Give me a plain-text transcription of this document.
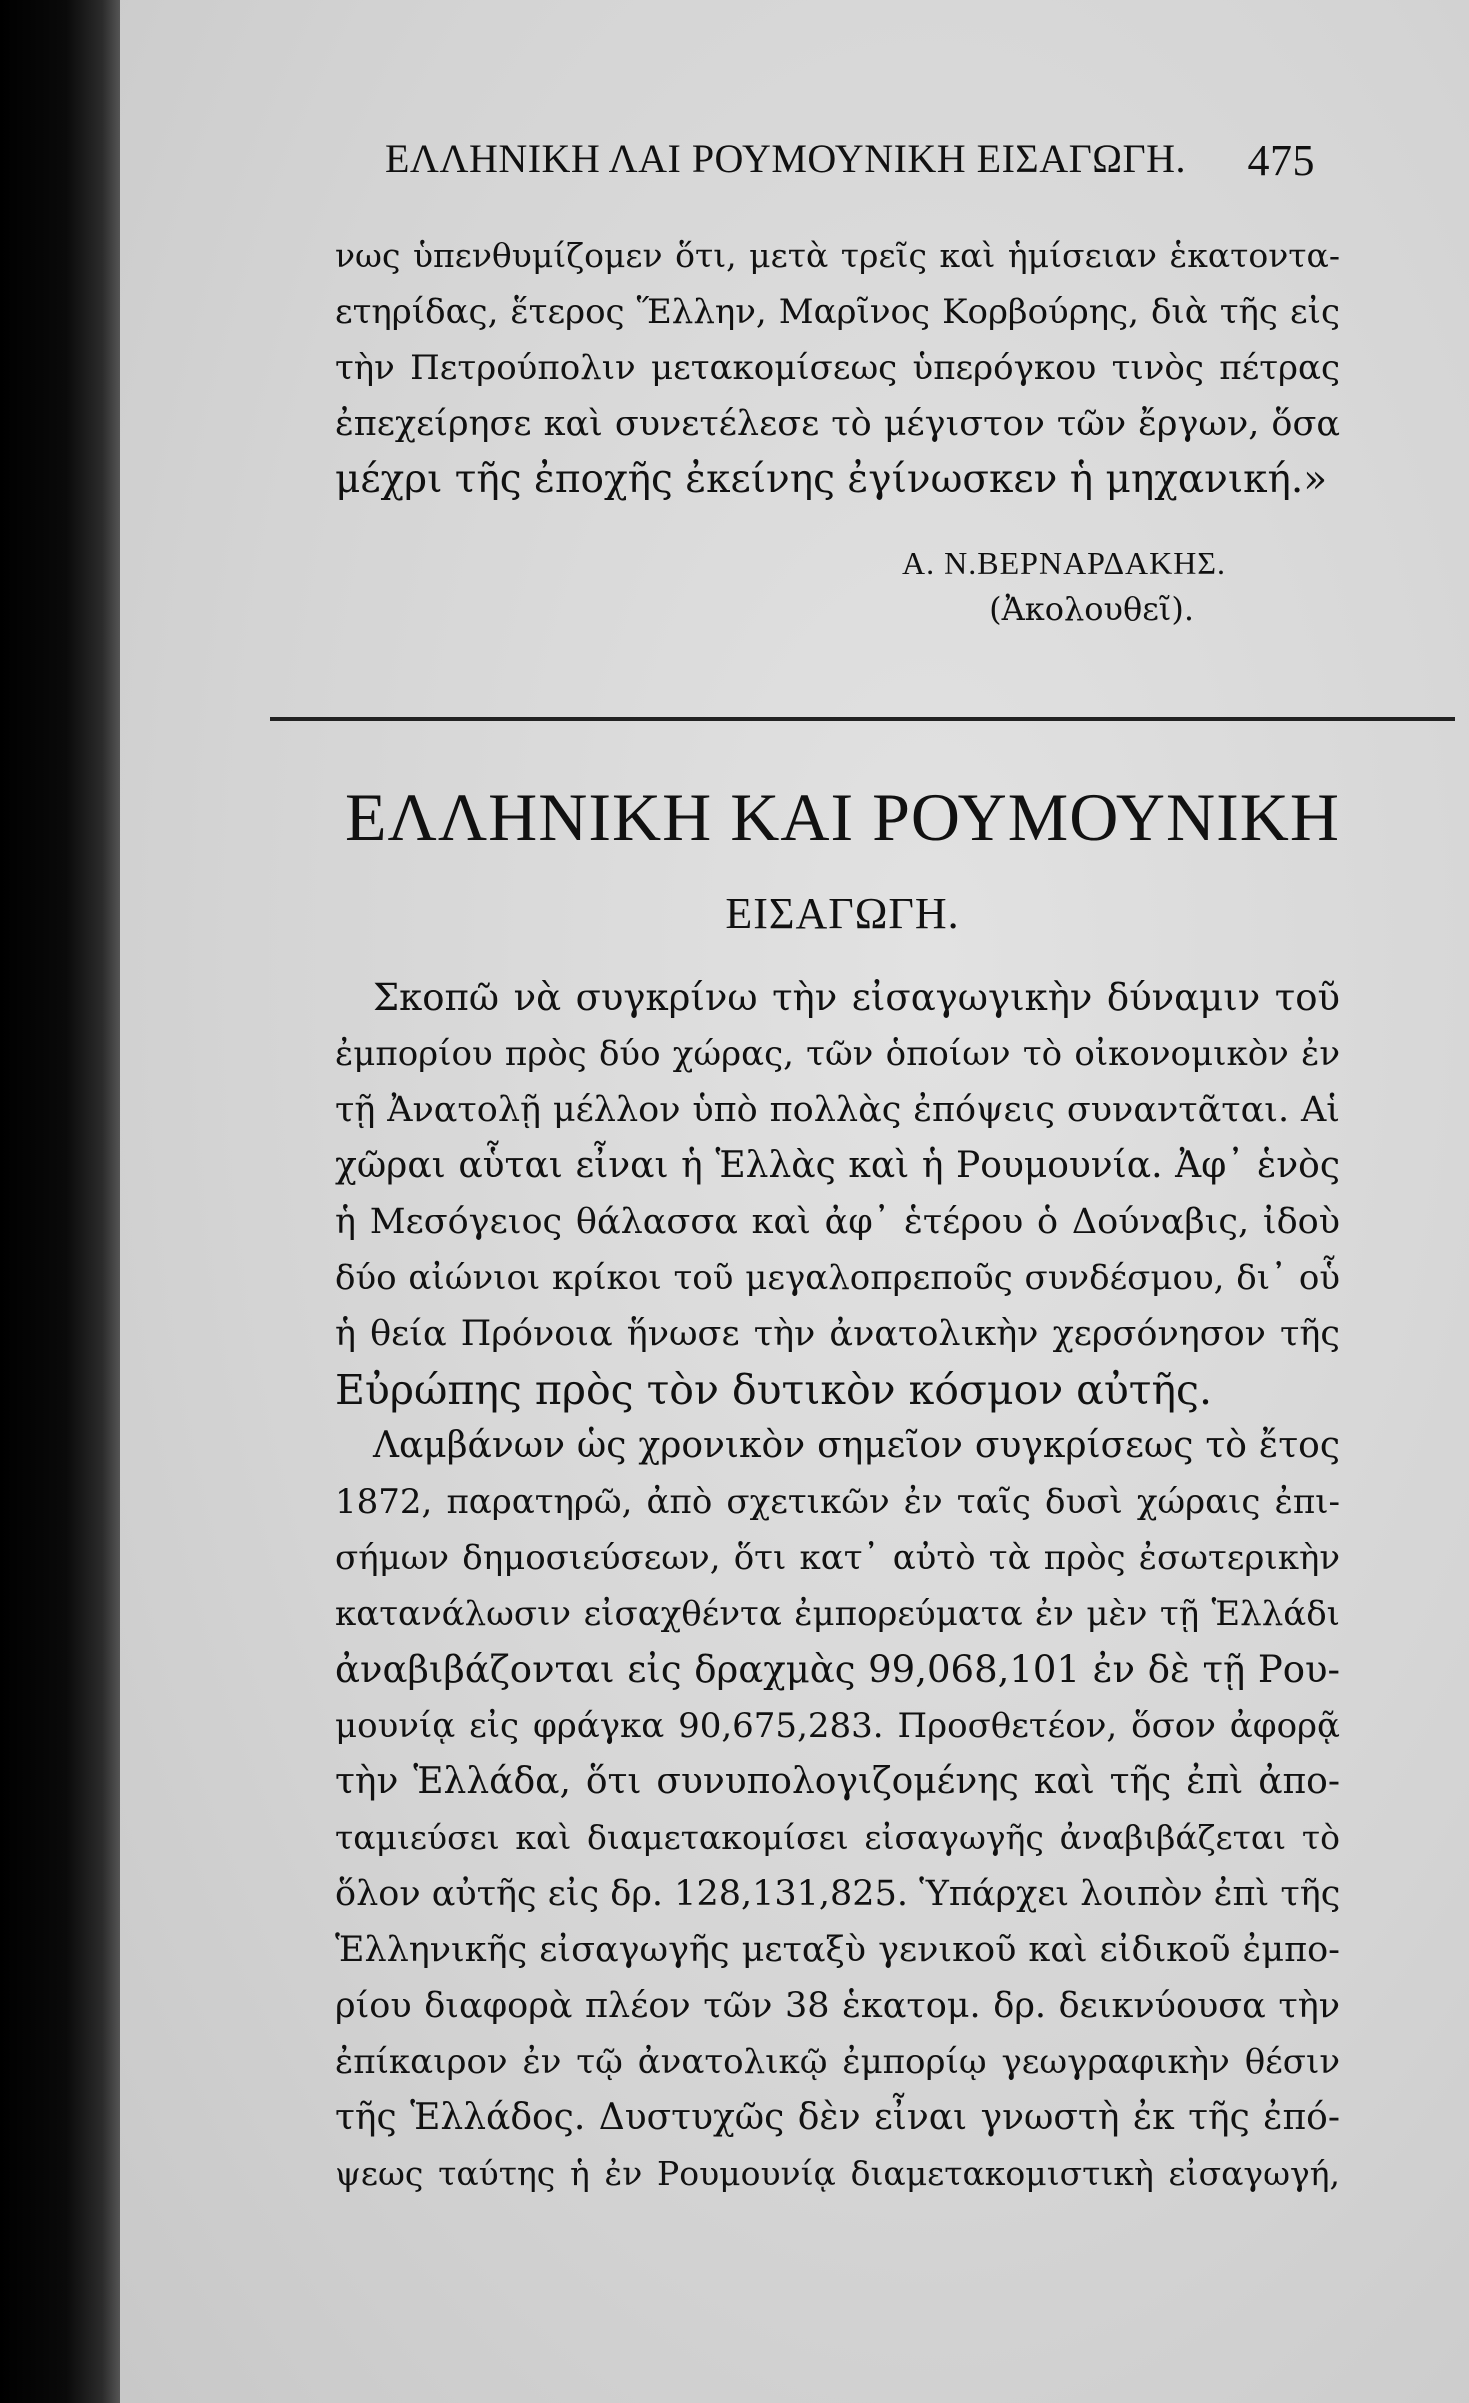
ΕΛΛΗΝΙΚΗ ΛΑΙ ΡΟΥΜΟΥΝΙΚΗ ΕΙΣΑΓΩΓΗ. 475
νως ὑπενθυμίζομεν ὅτι, μετὰ τρεῖς καὶ ἡμίσειαν ἑκατοντα-
ετηρίδας, ἕτερος Ἕλλην, Μαρῖνος Κορβούρης, διὰ τῆς εἰς
τὴν Πετρούπολιν μετακομίσεως ὑπερόγκου τινὸς πέτρας
ἐπεχείρησε καὶ συνετέλεσε τὸ μέγιστον τῶν ἔργων, ὅσα
μέχρι τῆς ἐποχῆς ἐκείνης ἐγίνωσκεν ἡ μηχανική.»
Α. Ν.ΒΕΡΝΑΡΔΑΚΗΣ.
(Ἀκολουθεῖ).
ΕΛΛΗΝΙΚΗ ΚΑΙ ΡΟΥΜΟΥΝΙΚΗ
ΕΙΣΑΓΩΓΗ.
Σκοπῶ νὰ συγκρίνω τὴν εἰσαγωγικὴν δύναμιν τοῦ
ἐμπορίου πρὸς δύο χώρας, τῶν ὁποίων τὸ οἰκονομικὸν ἐν
τῇ Ἀνατολῇ μέλλον ὑπὸ πολλὰς ἐπόψεις συναντᾶται. Αἱ
χῶραι αὗται εἶναι ἡ Ἑλλὰς καὶ ἡ Ρουμουνία. Ἀφ᾽ ἑνὸς
ἡ Μεσόγειος θάλασσα καὶ ἀφ᾽ ἑτέρου ὁ Δούναβις, ἰδοὺ
δύο αἰώνιοι κρίκοι τοῦ μεγαλοπρεποῦς συνδέσμου, δι᾽ οὗ
ἡ θεία Πρόνοια ἥνωσε τὴν ἀνατολικὴν χερσόνησον τῆς
Εὐρώπης πρὸς τὸν δυτικὸν κόσμον αὐτῆς.
Λαμβάνων ὡς χρονικὸν σημεῖον συγκρίσεως τὸ ἔτος
1872, παρατηρῶ, ἀπὸ σχετικῶν ἐν ταῖς δυσὶ χώραις ἐπι-
σήμων δημοσιεύσεων, ὅτι κατ᾽ αὐτὸ τὰ πρὸς ἐσωτερικὴν
κατανάλωσιν εἰσαχθέντα ἐμπορεύματα ἐν μὲν τῇ Ἑλλάδι
ἀναβιβάζονται εἰς δραχμὰς 99,068,101 ἐν δὲ τῇ Ρου-
μουνίᾳ εἰς φράγκα 90,675,283. Προσθετέον, ὅσον ἀφορᾷ
τὴν Ἑλλάδα, ὅτι συνυπολογιζομένης καὶ τῆς ἐπὶ ἀπο-
ταμιεύσει καὶ διαμετακομίσει εἰσαγωγῆς ἀναβιβάζεται τὸ
ὅλον αὐτῆς εἰς δρ. 128,131,825. Ὑπάρχει λοιπὸν ἐπὶ τῆς
Ἑλληνικῆς εἰσαγωγῆς μεταξὺ γενικοῦ καὶ εἰδικοῦ ἐμπο-
ρίου διαφορὰ πλέον τῶν 38 ἑκατομ. δρ. δεικνύουσα τὴν
ἐπίκαιρον ἐν τῷ ἀνατολικῷ ἐμπορίῳ γεωγραφικὴν θέσιν
τῆς Ἑλλάδος. Δυστυχῶς δὲν εἶναι γνωστὴ ἐκ τῆς ἐπό-
ψεως ταύτης ἡ ἐν Ρουμουνίᾳ διαμετακομιστικὴ εἰσαγωγή,
